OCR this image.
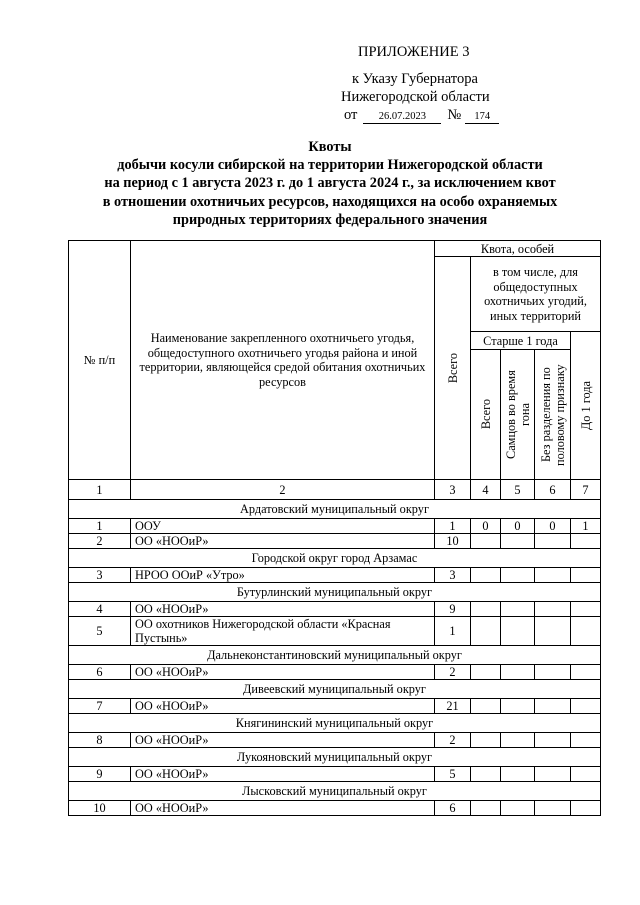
ПРИЛОЖЕНИЕ 3
к Указу Губернатора
Нижегородской области
от	26.07.2023	№	174
Квоты
добычи косули сибирской на территории Нижегородской области
на период с 1 августа 2023 г. до 1 августа 2024 г., за исключением квот
в отношении охотничьих ресурсов, находящихся на особо охраняемых
природных территориях федерального значения
№ п/п	Наименование закрепленного охотничьего угодья, общедоступного охотничьего угодья района и иной территории, являющейся средой обитания охотничьих ресурсов	Квота, особей				

		Всего	в том числе, для общедоступных охотничьих угодий, иных территорий			
			Старше 1 года			До 1 года

			Всего	Самцов во время гона	Без разделения по половому признаку	

1	2	3	4	5	6	7
Ардатовский муниципальный округ						
1	ООУ	1	0	0	0	1
2	ОО «НООиР»	10				
Городской округ город Арзамас						
3	НРОО ООиР «Утро»	3				
Бутурлинский муниципальный округ						
4	ОО «НООиР»	9				
5	ОО охотников Нижегородской области «Красная Пустынь»	1				
Дальнеконстантиновский муниципальный округ						
6	ОО «НООиР»	2				
Дивеевский муниципальный округ						
7	ОО «НООиР»	21				
Княгининский муниципальный округ						
8	ОО «НООиР»	2				
Лукояновский муниципальный округ						
9	ОО «НООиР»	5				
Лысковский муниципальный округ						
10	ОО «НООиР»	6				
